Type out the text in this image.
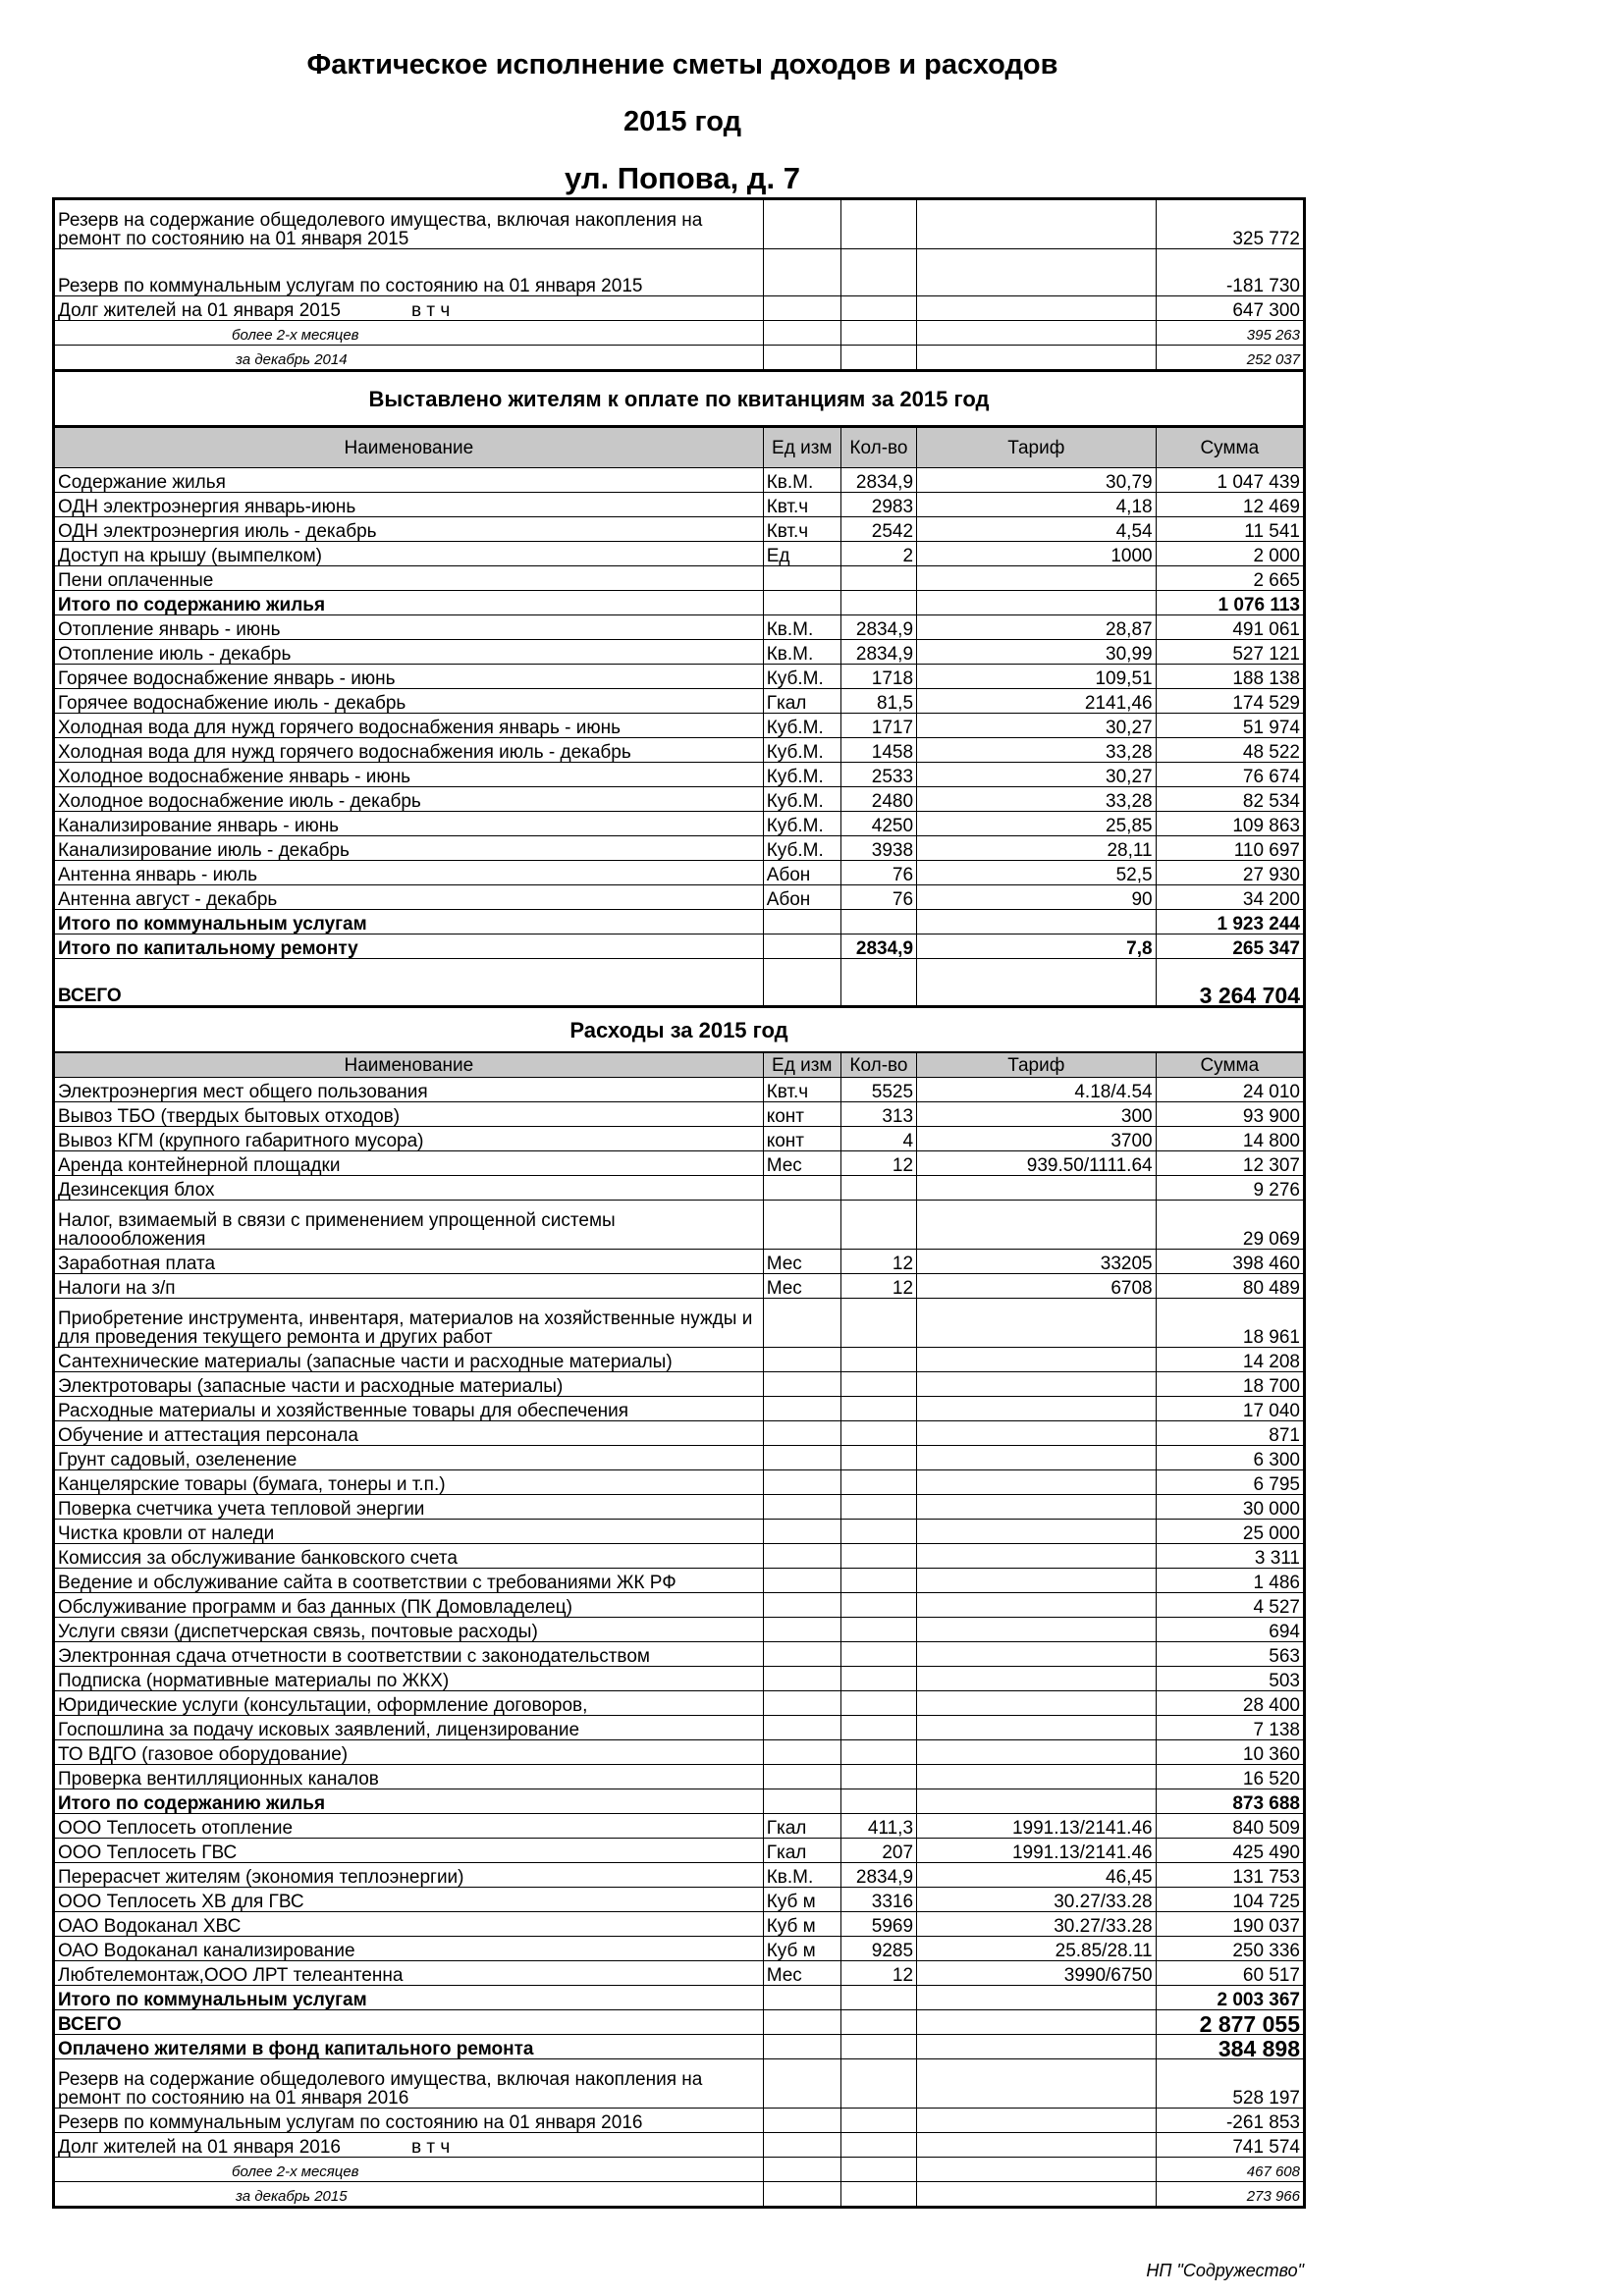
Фактическое исполнение сметы доходов и расходов
2015 год
ул. Попова, д. 7
Резерв на содержание общедолевого имущества, включая накопления на ремонт по состоянию на 01 января 2015				325 772
Резерв по коммунальным услугам по состоянию на 01 января 2015				-181 730
Долг жителей на 01 января 2015 в т ч				647 300
более 2-х месяцев				395 263
за декабрь 2014				252 037
Выставлено жителям к оплате по квитанциям за 2015 год				
Наименование	Ед изм	Кол-во	Тариф	Сумма
Содержание жилья	Кв.М.	2834,9	30,79	1 047 439
ОДН электроэнергия январь-июнь	Квт.ч	2983	4,18	12 469
ОДН электроэнергия июль - декабрь	Квт.ч	2542	4,54	11 541
Доступ на крышу (вымпелком)	Ед	2	1000	2 000
Пени оплаченные				2 665
Итого по содержанию жилья				1 076 113
Отопление январь - июнь	Кв.М.	2834,9	28,87	491 061
Отопление июль - декабрь	Кв.М.	2834,9	30,99	527 121
Горячее водоснабжение январь - июнь	Куб.М.	1718	109,51	188 138
Горячее водоснабжение июль - декабрь	Гкал	81,5	2141,46	174 529
Холодная вода для нужд горячего водоснабжения январь - июнь	Куб.М.	1717	30,27	51 974
Холодная вода для нужд горячего водоснабжения июль - декабрь	Куб.М.	1458	33,28	48 522
Холодное водоснабжение январь - июнь	Куб.М.	2533	30,27	76 674
Холодное водоснабжение июль - декабрь	Куб.М.	2480	33,28	82 534
Канализирование январь - июнь	Куб.М.	4250	25,85	109 863
Канализирование июль - декабрь	Куб.М.	3938	28,11	110 697
Антенна январь - июль	Абон	76	52,5	27 930
Антенна август - декабрь	Абон	76	90	34 200
Итого по коммунальным услугам				1 923 244
Итого по капитальному ремонту		2834,9	7,8	265 347
ВСЕГО				3 264 704
Расходы за 2015 год				
Наименование	Ед изм	Кол-во	Тариф	Сумма
Электроэнергия мест общего пользования	Квт.ч	5525	4.18/4.54	24 010
Вывоз ТБО (твердых бытовых отходов)	конт	313	300	93 900
Вывоз КГМ (крупного габаритного мусора)	конт	4	3700	14 800
Аренда контейнерной площадки	Мес	12	939.50/1111.64	12 307
Дезинсекция блох				9 276
Налог, взимаемый в связи с применением упрощенной системы налоообложения				29 069
Заработная плата	Мес	12	33205	398 460
Налоги на з/п	Мес	12	6708	80 489
Приобретение инструмента, инвентаря, материалов на хозяйственные нужды и для проведения текущего ремонта и других работ				18 961
Сантехнические материалы (запасные части и расходные материалы)				14 208
Электротовары (запасные части и расходные материалы)				18 700
Расходные материалы и хозяйственные товары для обеспечения				17 040
Обучение и аттестация персонала				871
Грунт садовый, озеленение				6 300
Канцелярские товары (бумага, тонеры и т.п.)				6 795
Поверка счетчика учета тепловой энергии				30 000
Чистка кровли от наледи				25 000
Комиссия за обслуживание банковского счета				3 311
Ведение и обслуживание сайта в соответствии с требованиями ЖК РФ				1 486
Обслуживание программ и баз данных (ПК Домовладелец)				4 527
Услуги связи (диспетчерская связь, почтовые расходы)				694
Электронная сдача отчетности в соответствии с законодательством				563
Подписка (нормативные материалы по ЖКХ)				503
Юридические услуги (консультации, оформление договоров,				28 400
Госпошлина за подачу исковых заявлений, лицензирование				7 138
ТО ВДГО (газовое оборудование)				10 360
Проверка вентилляционных каналов				16 520
Итого по содержанию жилья				873 688
ООО Теплосеть отопление	Гкал	411,3	1991.13/2141.46	840 509
ООО Теплосеть ГВС	Гкал	207	1991.13/2141.46	425 490
Перерасчет жителям (экономия теплоэнергии)	Кв.М.	2834,9	46,45	131 753
ООО Теплосеть ХВ для ГВС	Куб м	3316	30.27/33.28	104 725
ОАО Водоканал ХВС	Куб м	5969	30.27/33.28	190 037
ОАО Водоканал канализирование	Куб м	9285	25.85/28.11	250 336
Любтелемонтаж,ООО ЛРТ телеантенна	Мес	12	3990/6750	60 517
Итого по коммунальным услугам				2 003 367
ВСЕГО				2 877 055
Оплачено жителями в фонд капитального ремонта				384 898
Резерв на содержание общедолевого имущества, включая накопления на ремонт по состоянию на 01 января 2016				528 197
Резерв по коммунальным услугам по состоянию на 01 января 2016				-261 853
Долг жителей на 01 января 2016 в т ч				741 574
более 2-х месяцев				467 608
за декабрь 2015				273 966
НП "Содружество"
